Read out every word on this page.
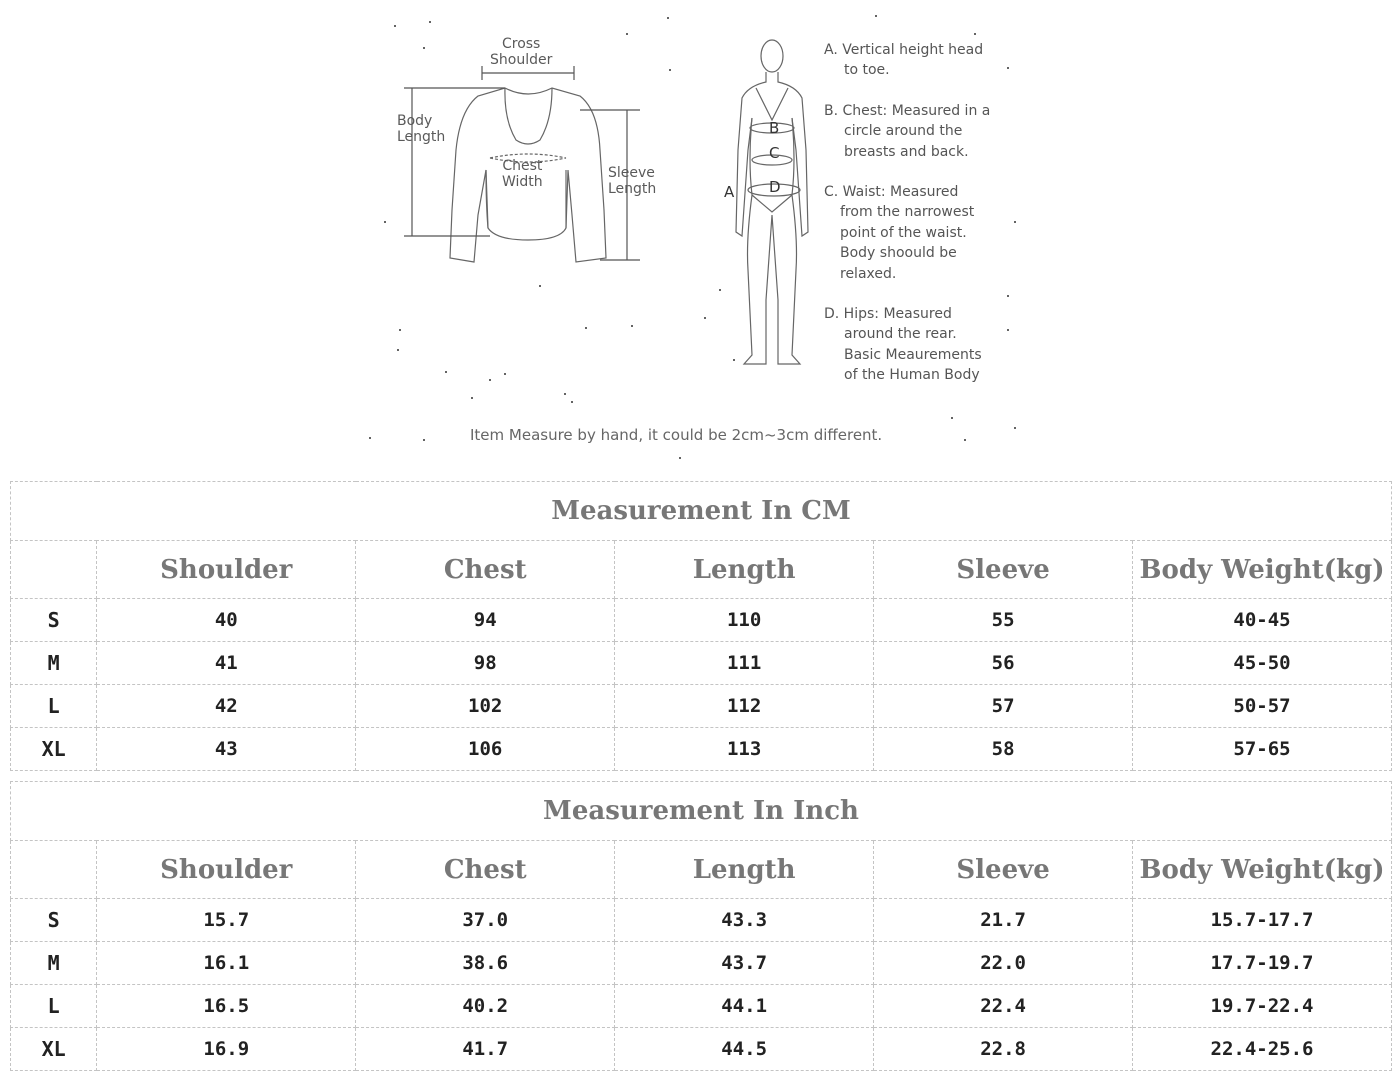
Cross
Shoulder
Body
Length
Chest
Width
Sleeve
Length	A
B
C
D
A. Vertical height head
to toe.
B. Chest: Measured in a
circle around the
breasts and back.
C. Waist: Measured
from the narrowest
point of the waist.
Body shoould be
relaxed.
D. Hips: Measured
around the rear.
Basic Meaurements
of the Human Body
Item Measure by hand, it could be 2cm~3cm different.
Measurement In CM					
	Shoulder	Chest	Length	Sleeve	Body Weight(kg)
S	40	94	110	55	40-45
M	41	98	111	56	45-50
L	42	102	112	57	50-57
XL	43	106	113	58	57-65
Measurement In Inch					
	Shoulder	Chest	Length	Sleeve	Body Weight(kg)
S	15.7	37.0	43.3	21.7	15.7-17.7
M	16.1	38.6	43.7	22.0	17.7-19.7
L	16.5	40.2	44.1	22.4	19.7-22.4
XL	16.9	41.7	44.5	22.8	22.4-25.6
